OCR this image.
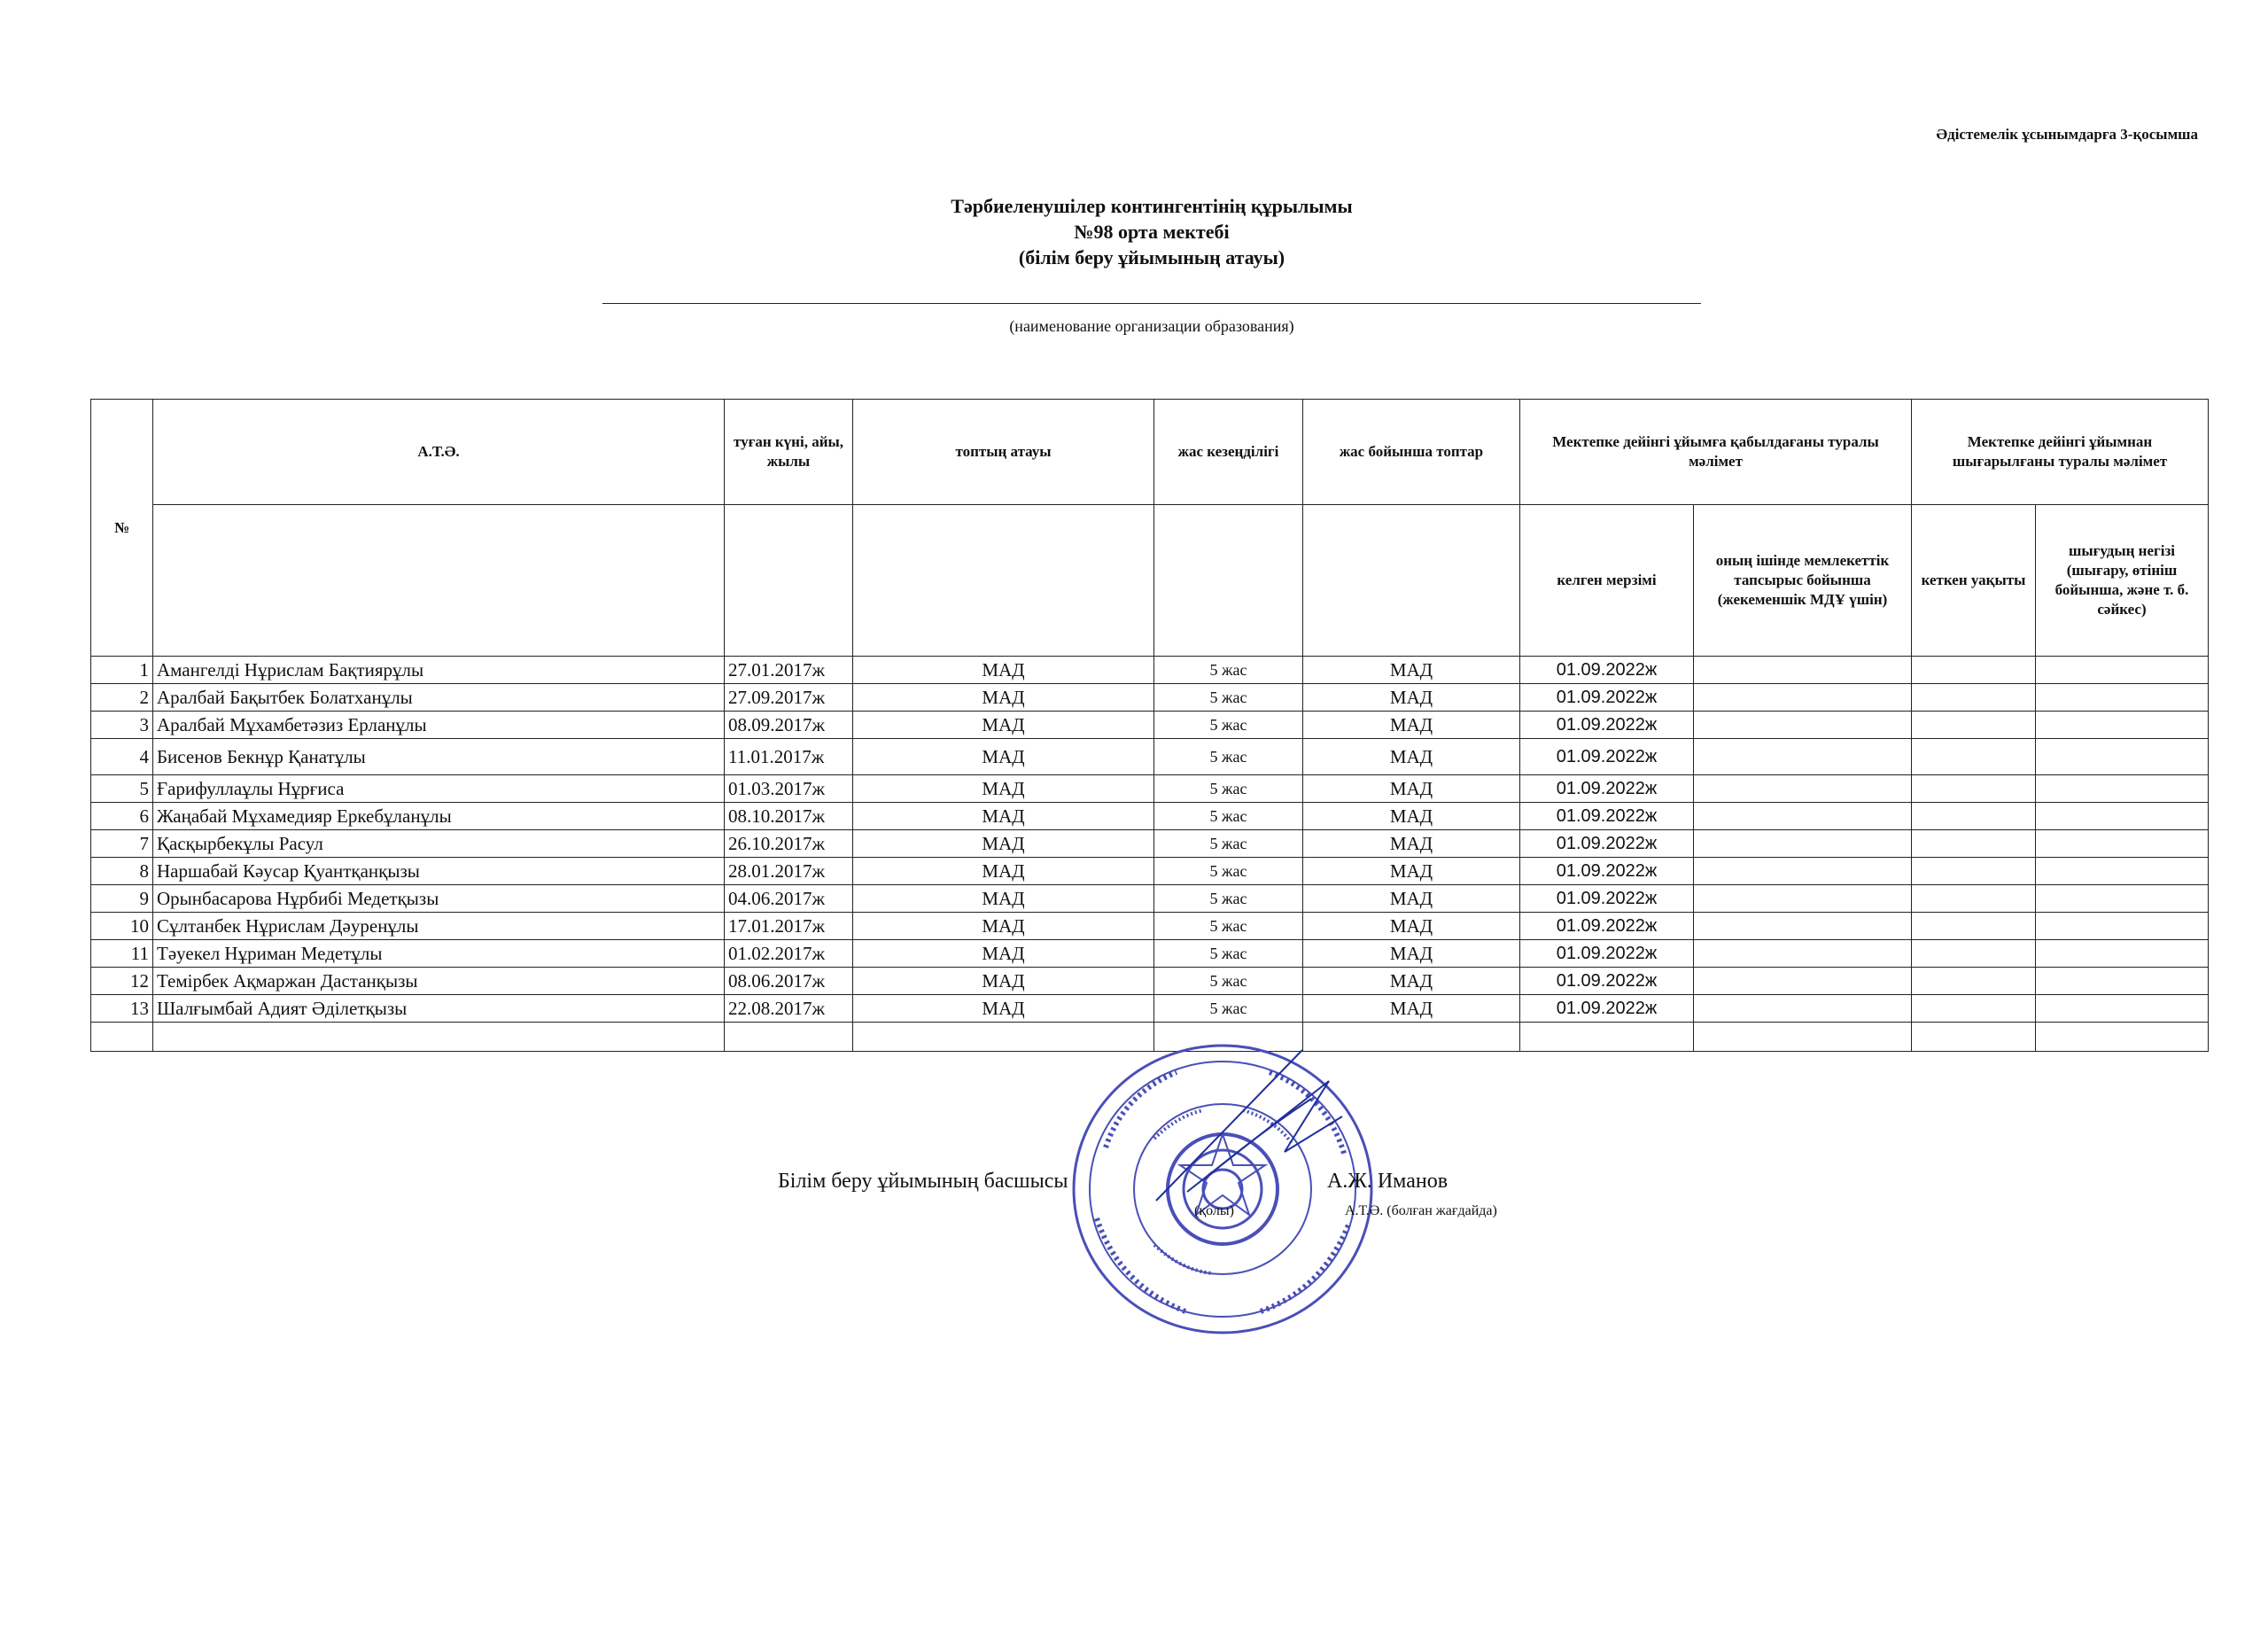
Әдістемелік ұсынымдарға 3-қосымша
Тәрбиеленушілер контингентінің құрылымы
№98 орта мектебі
(білім беру ұйымының атауы)
(наименование организации образования)
№	А.Т.Ә.	туған күні, айы, жылы	топтың атауы	жас кезеңділігі	жас бойынша топтар	Мектепке дейінгі ұйымға қабылдағаны туралы мәлімет		Мектепке дейінгі ұйымнан шығарылғаны туралы мәлімет	
						келген мерзімі	оның ішінде мемлекеттік тапсырыс бойынша (жекеменшік МДҰ үшін)	кеткен уақыты	шығудың негізі (шығару, өтініш бойынша, және т. б. сәйкес)
1	Амангелді Нұрислам Бақтиярұлы	27.01.2017ж	МАД	5 жас	МАД	01.09.2022ж			
2	Аралбай Бақытбек Болатханұлы	27.09.2017ж	МАД	5 жас	МАД	01.09.2022ж			
3	Аралбай Мұхамбетәзиз Ерланұлы	08.09.2017ж	МАД	5 жас	МАД	01.09.2022ж			
4	Бисенов Бекнұр Қанатұлы	11.01.2017ж	МАД	5 жас	МАД	01.09.2022ж			
5	Ғарифуллаұлы Нұрғиса	01.03.2017ж	МАД	5 жас	МАД	01.09.2022ж			
6	Жаңабай Мұхамедияр Еркебұланұлы	08.10.2017ж	МАД	5 жас	МАД	01.09.2022ж			
7	Қасқырбекұлы Расул	26.10.2017ж	МАД	5 жас	МАД	01.09.2022ж			
8	Наршабай Кәусар Қуантқанқызы	28.01.2017ж	МАД	5 жас	МАД	01.09.2022ж			
9	Орынбасарова Нұрбибі Медетқызы	04.06.2017ж	МАД	5 жас	МАД	01.09.2022ж			
10	Сұлтанбек Нұрислам Дәуренұлы	17.01.2017ж	МАД	5 жас	МАД	01.09.2022ж			
11	Тәуекел Нұриман Медетұлы	01.02.2017ж	МАД	5 жас	МАД	01.09.2022ж			
12	Темірбек Ақмаржан Дастанқызы	08.06.2017ж	МАД	5 жас	МАД	01.09.2022ж			
13	Шалғымбай Адият Әділетқызы	22.08.2017ж	МАД	5 жас	МАД	01.09.2022ж			

Білім беру ұйымының басшысы	А.Ж. Иманов
(қолы)	А.Т.Ә. (болған жағдайда)
